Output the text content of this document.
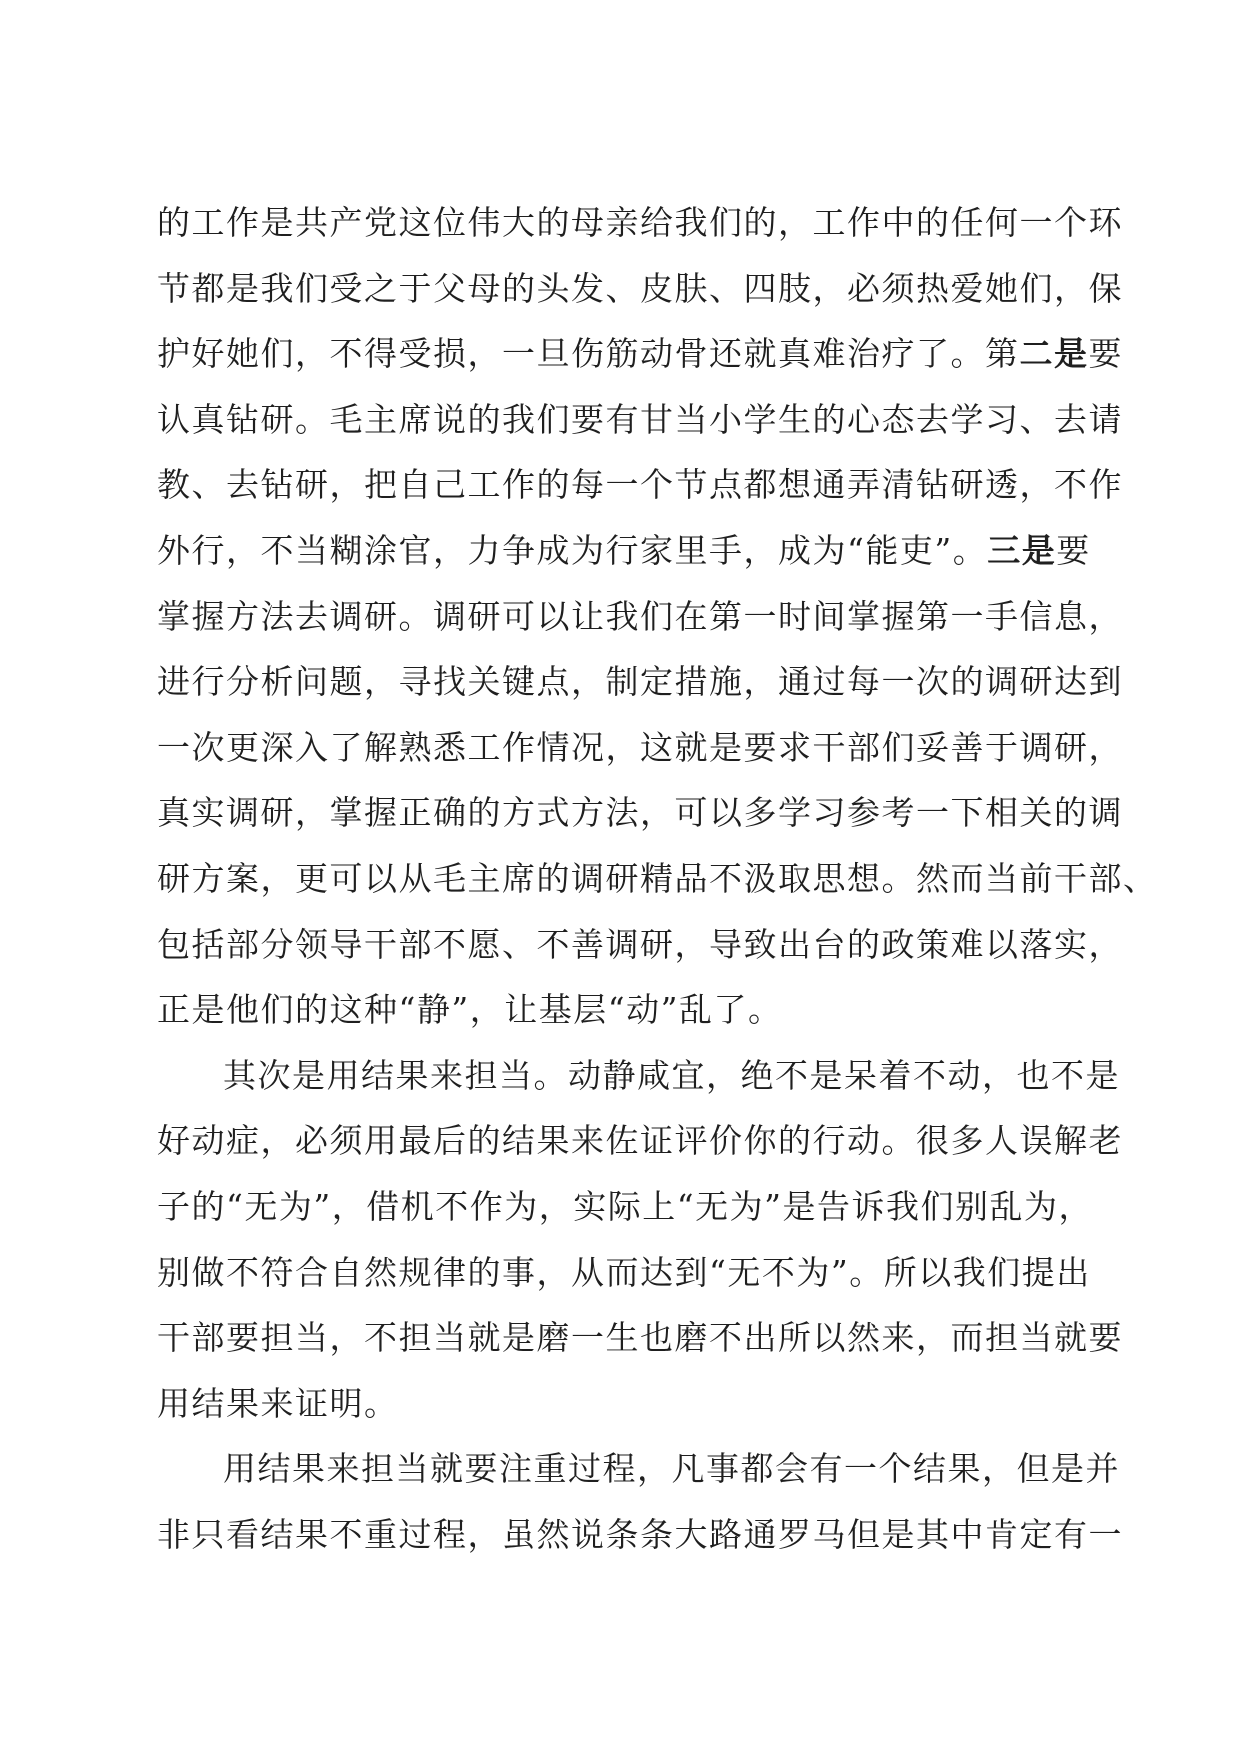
的工作是共产党这位伟大的母亲给我们的，工作中的任何一个环
节都是我们受之于父母的头发、皮肤、四肢，必须热爱她们，保
护好她们，不得受损，一旦伤筋动骨还就真难治疗了。第二是要
认真钻研。毛主席说的我们要有甘当小学生的心态去学习、去请
教、去钻研，把自己工作的每一个节点都想通弄清钻研透，不作
外行，不当糊涂官，力争成为行家里手，成为“能吏”。三是要
掌握方法去调研。调研可以让我们在第一时间掌握第一手信息，
进行分析问题，寻找关键点，制定措施，通过每一次的调研达到
一次更深入了解熟悉工作情况，这就是要求干部们妥善于调研，
真实调研，掌握正确的方式方法，可以多学习参考一下相关的调
研方案，更可以从毛主席的调研精品不汲取思想。然而当前干部、
包括部分领导干部不愿、不善调研，导致出台的政策难以落实，
正是他们的这种“静”，让基层“动”乱了。
其次是用结果来担当。动静咸宜，绝不是呆着不动，也不是
好动症，必须用最后的结果来佐证评价你的行动。很多人误解老
子的“无为”，借机不作为，实际上“无为”是告诉我们别乱为，
别做不符合自然规律的事，从而达到“无不为”。所以我们提出
干部要担当，不担当就是磨一生也磨不出所以然来，而担当就要
用结果来证明。
用结果来担当就要注重过程，凡事都会有一个结果，但是并
非只看结果不重过程，虽然说条条大路通罗马但是其中肯定有一
